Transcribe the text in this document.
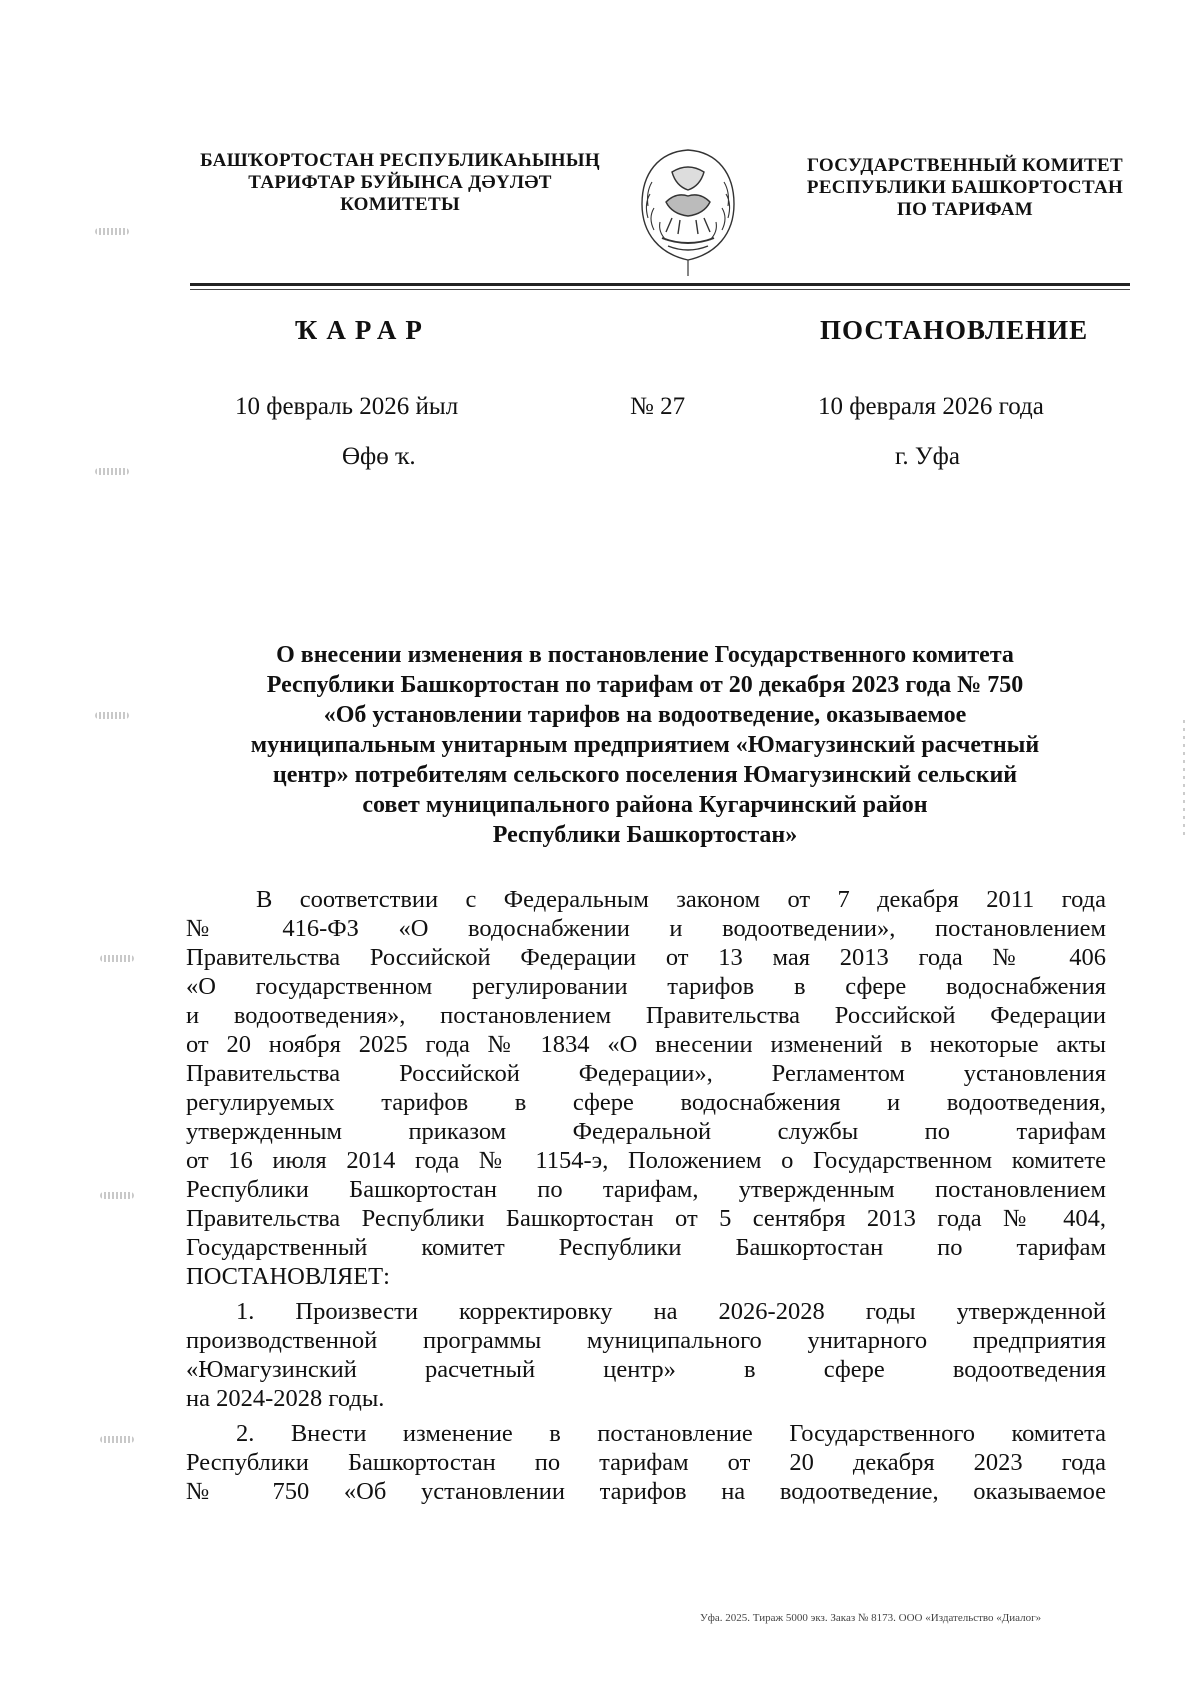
БАШҠОРТОСТАН РЕСПУБЛИКАҺЫНЫҢ
ТАРИФТАР БУЙЫНСА ДӘҮЛӘТ
КОМИТЕТЫ
ГОСУДАРСТВЕННЫЙ КОМИТЕТ
РЕСПУБЛИКИ БАШКОРТОСТАН
ПО ТАРИФАМ
ҠАРАР	ПОСТАНОВЛЕНИЕ
10 февраль 2026 йыл	№ 27	10 февраля 2026 года
Өфө ҡ.	г. Уфа
О внесении изменения в постановление Государственного комитета
Республики Башкортостан по тарифам от 20 декабря 2023 года № 750
«Об установлении тарифов на водоотведение, оказываемое
муниципальным унитарным предприятием «Юмагузинский расчетный
центр» потребителям сельского поселения Юмагузинский сельский
совет муниципального района Кугарчинский район
Республики Башкортостан»
В соответствии с Федеральным законом от 7 декабря 2011 года
№ 416-ФЗ «О водоснабжении и водоотведении», постановлением
Правительства Российской Федерации от 13 мая 2013 года № 406
«О государственном регулировании тарифов в сфере водоснабжения
и водоотведения», постановлением Правительства Российской Федерации
от 20 ноября 2025 года № 1834 «О внесении изменений в некоторые акты
Правительства Российской Федерации», Регламентом установления
регулируемых тарифов в сфере водоснабжения и водоотведения,
утвержденным приказом Федеральной службы по тарифам
от 16 июля 2014 года № 1154-э, Положением о Государственном комитете
Республики Башкортостан по тарифам, утвержденным постановлением
Правительства Республики Башкортостан от 5 сентября 2013 года № 404,
Государственный комитет Республики Башкортостан по тарифам
ПОСТАНОВЛЯЕТ:
1. Произвести корректировку на 2026-2028 годы утвержденной
производственной программы муниципального унитарного предприятия
«Юмагузинский расчетный центр» в сфере водоотведения
на 2024-2028 годы.
2. Внести изменение в постановление Государственного комитета
Республики Башкортостан по тарифам от 20 декабря 2023 года
№ 750 «Об установлении тарифов на водоотведение, оказываемое
Уфа. 2025. Тираж 5000 экз. Заказ № 8173. ООО «Издательство «Диалог»
